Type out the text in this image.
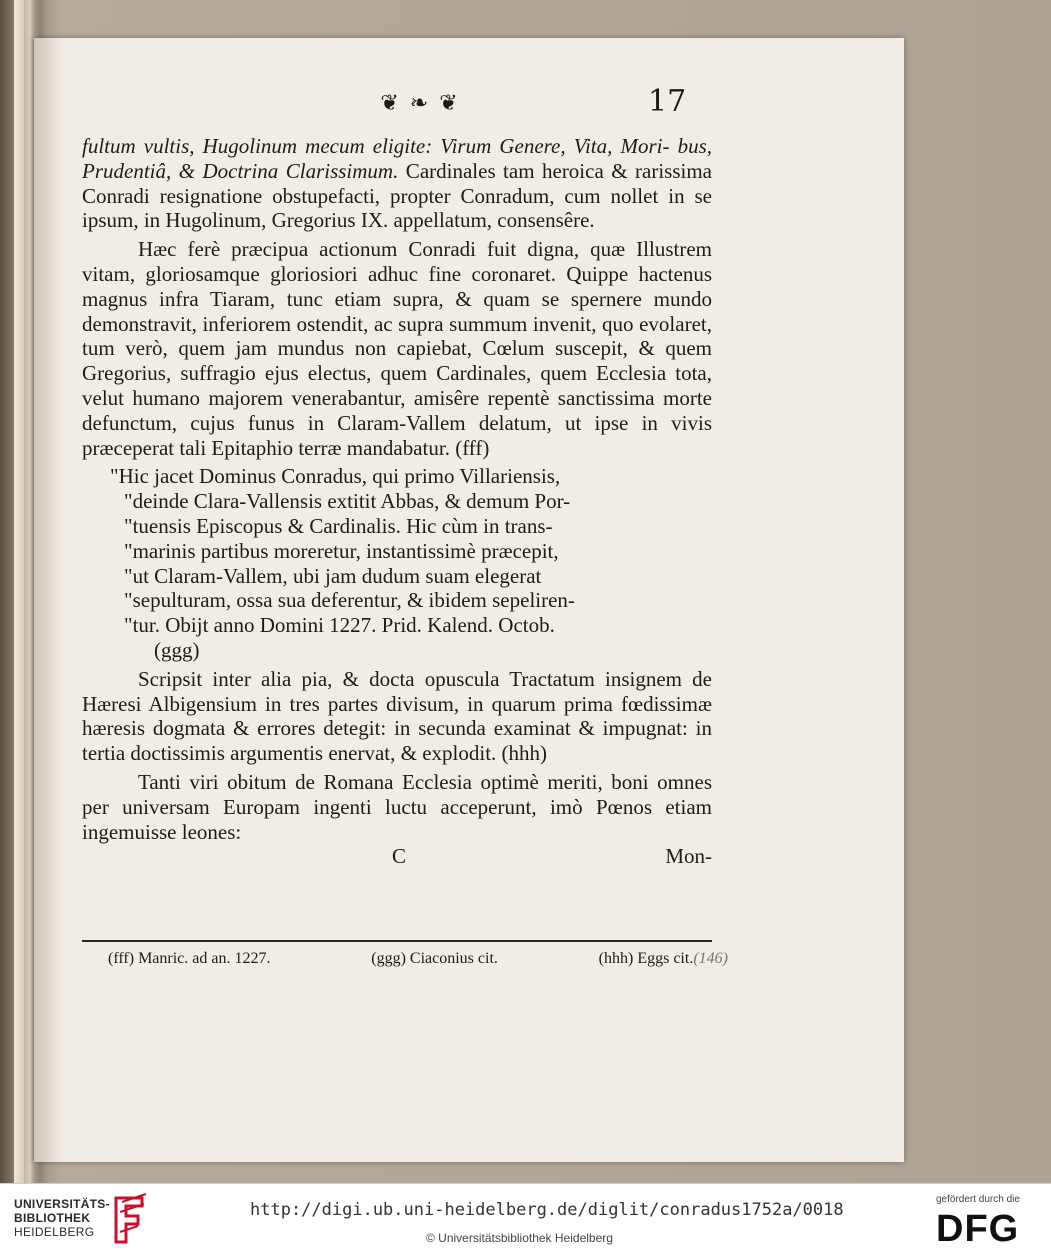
❦ ❧ ❦	17

fultum vultis, Hugolinum mecum eligite: Virum Genere, Vita, Mori- bus, Prudentiâ, & Doctrina Clarissimum. Cardinales tam heroica & rarissima Conradi resignatione obstupefacti, propter Conradum, cum nollet in se ipsum, in Hugolinum, Gregorius IX. appellatum, consensêre.

Hæc ferè præcipua actionum Conradi fuit digna, quæ Illustrem vitam, gloriosamque gloriosiori adhuc fine coronaret. Quippe hactenus magnus infra Tiaram, tunc etiam supra, & quam se spernere mundo demonstravit, inferiorem ostendit, ac supra summum invenit, quo evolaret, tum verò, quem jam mundus non capiebat, Cœlum suscepit, & quem Gregorius, suffragio ejus electus, quem Cardinales, quem Ecclesia tota, velut humano majorem venerabantur, amisêre repentè sanctissima morte defunctum, cujus funus in Claram-Vallem delatum, ut ipse in vivis præceperat tali Epitaphio terræ mandabatur. (fff)

"Hic jacet Dominus Conradus, qui primo Villariensis,
"deinde Clara-Vallensis extitit Abbas, & demum Por-
"tuensis Episcopus & Cardinalis. Hic cùm in trans-
"marinis partibus moreretur, instantissimè præcepit,
"ut Claram-Vallem, ubi jam dudum suam elegerat
"sepulturam, ossa sua deferentur, & ibidem sepeliren-
"tur. Obijt anno Domini 1227. Prid. Kalend. Octob.
(ggg)

Scripsit inter alia pia, & docta opuscula Tractatum insignem de Hæresi Albigensium in tres partes divisum, in quarum prima fœdissimæ hæresis dogmata & errores detegit: in secunda examinat & impugnat: in tertia doctissimis argumentis enervat, & explodit. (hhh)

Tanti viri obitum de Romana Ecclesia optimè meriti, boni omnes per universam Europam ingenti luctu acceperunt, imò Pœnos etiam ingemuisse leones:

C	Mon-

(fff) Manric. ad an. 1227.	(ggg) Ciaconius cit.	(hhh) Eggs cit.(146)
UNIVERSITÄTS-
BIBLIOTHEK
HEIDELBERG
http://digi.ub.uni-heidelberg.de/diglit/conradus1752a/0018
© Universitätsbibliothek Heidelberg
gefördert durch die
DFG
